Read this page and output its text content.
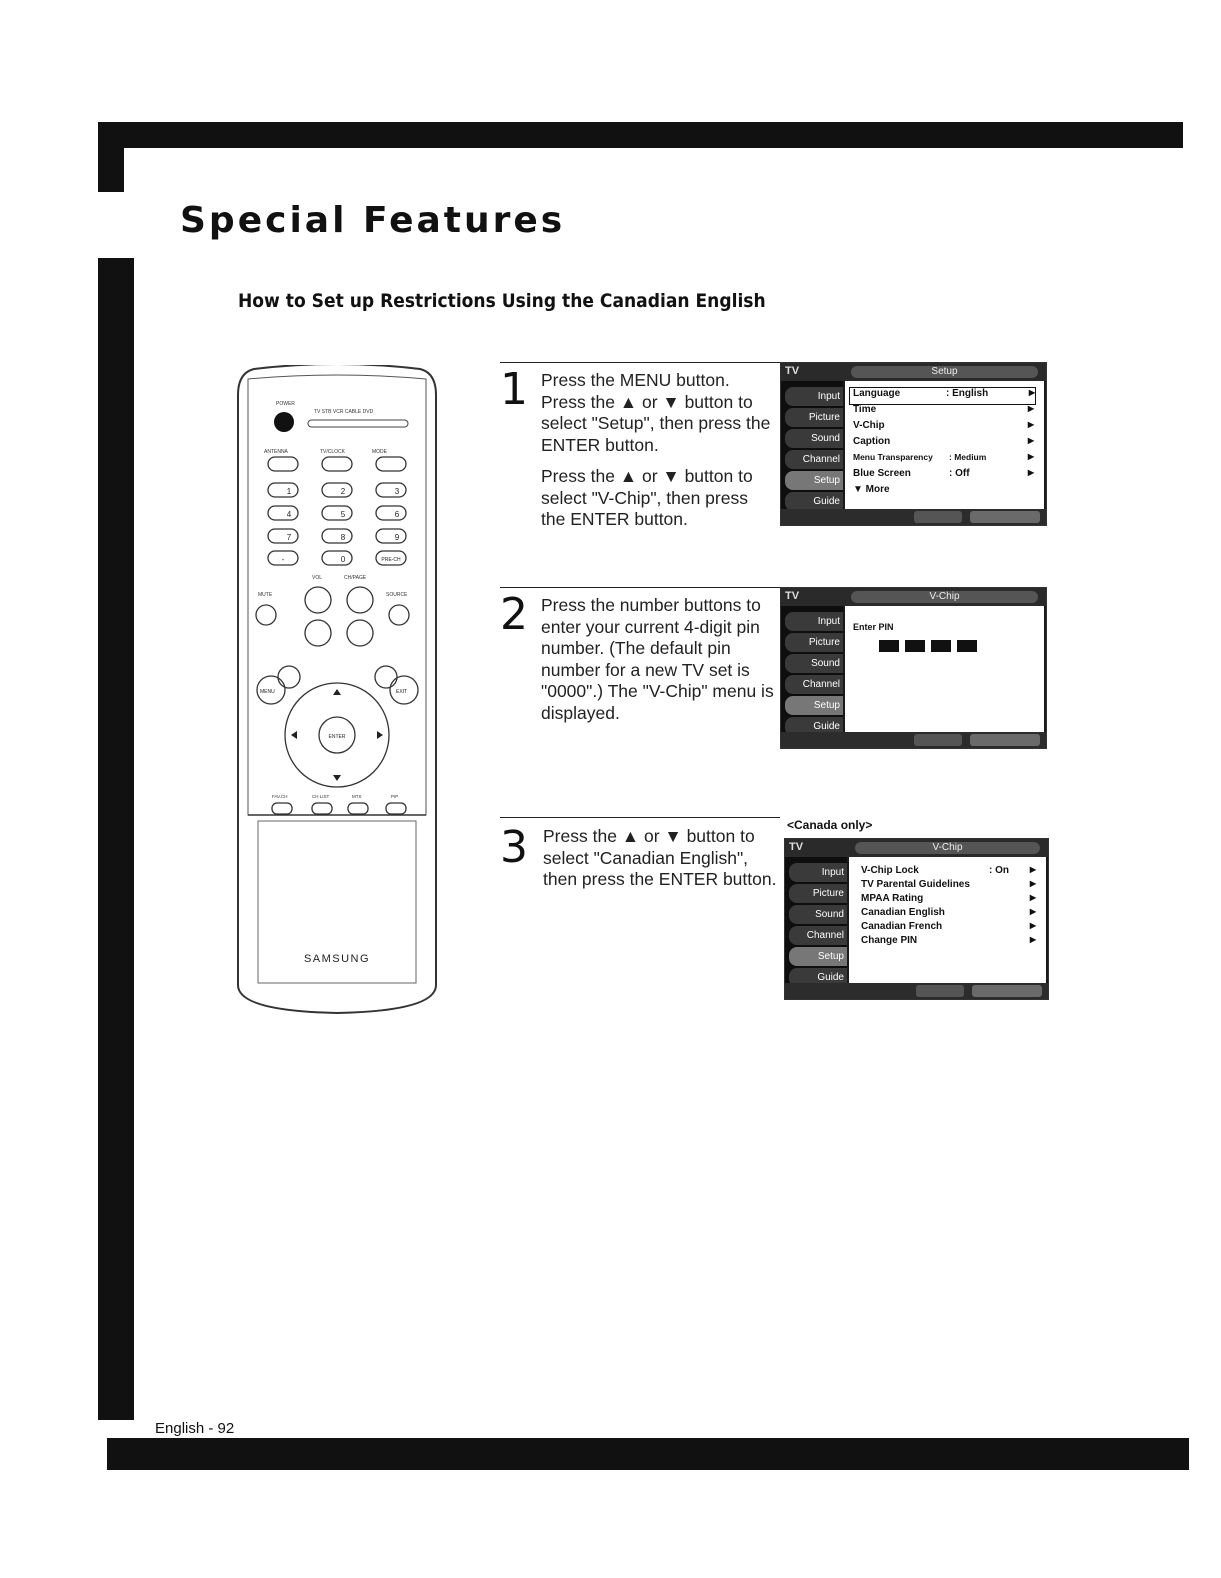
Special Features
How to Set up Restrictions Using the Canadian English
POWER
TV STB VCR CABLE DVD
ANTENNA	TV/CLOCK	MODE
1	2	3
4	5	6
7	8	9
-	0	PRE-CH
VOL	CH/PAGE
MUTE	SOURCE
ENTER
MENU	EXIT
FAV.CH	CH LIST	MTS	PIP
SAMSUNG
1 Press the MENU button. Press the ▲ or ▼ button to select "Setup", then press the ENTER button.

Press the ▲ or ▼ button to select "V-Chip", then press the ENTER button.

TV	Setup
Input
Picture
Sound
Channel
Setup
Guide
Language	: English	▶
Time	▶
V-Chip	▶
Caption	▶
Menu Transparency : Medium	▶
Blue Screen	: Off	▶
▼ More
2 Press the number buttons to enter your current 4-digit pin number. (The default pin number for a new TV set is "0000".) The "V-Chip" menu is displayed.

TV	V-Chip
Input
Picture
Sound
Channel
Setup
Guide
Enter PIN
3 Press the ▲ or ▼ button to select "Canadian English", then press the ENTER button.

<Canada only>
TV	V-Chip
Input
Picture
Sound
Channel
Setup
Guide
V-Chip Lock	: On	▶
TV Parental Guidelines	▶
MPAA Rating	▶
Canadian English	▶
Canadian French	▶
Change PIN	▶
English - 92
